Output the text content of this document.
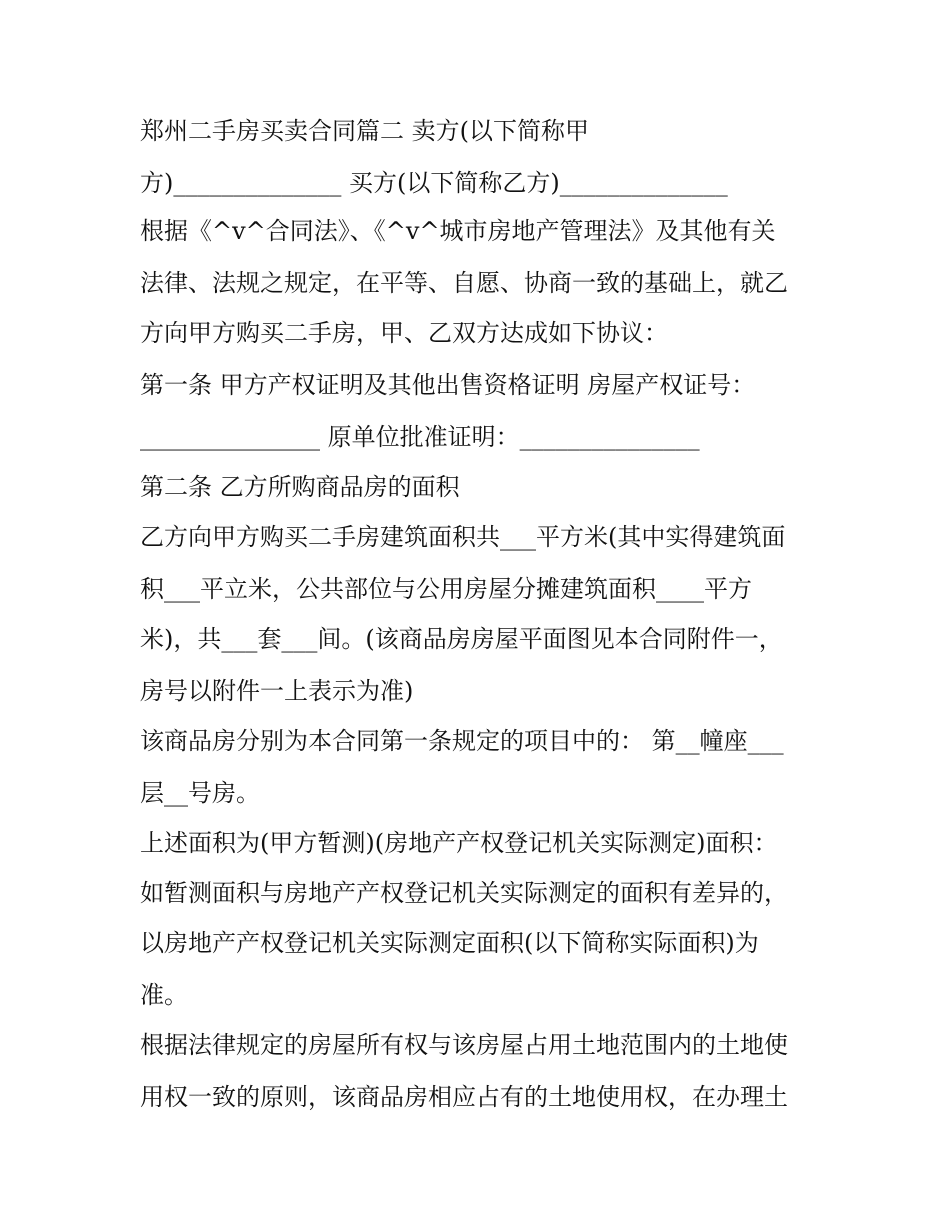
郑州二手房买卖合同篇二 卖方(以下简称甲
方)______________ 买方(以下简称乙方)______________
根据《^v^合同法》、《^v^城市房地产管理法》及其他有关
法律、法规之规定，在平等、自愿、协商一致的基础上，就乙
方向甲方购买二手房，甲、乙双方达成如下协议：
第一条 甲方产权证明及其他出售资格证明 房屋产权证号：
_______________ 原单位批准证明：_______________
第二条 乙方所购商品房的面积
乙方向甲方购买二手房建筑面积共___平方米(其中实得建筑面
积___平立米，公共部位与公用房屋分摊建筑面积____平方
米)，共___套___间。(该商品房房屋平面图见本合同附件一，
房号以附件一上表示为准)
该商品房分别为本合同第一条规定的项目中的： 第__幢座___
层__号房。
上述面积为(甲方暂测)(房地产产权登记机关实际测定)面积：
如暂测面积与房地产产权登记机关实际测定的面积有差异的，
以房地产产权登记机关实际测定面积(以下简称实际面积)为
准。
根据法律规定的房屋所有权与该房屋占用土地范围内的土地使
用权一致的原则，该商品房相应占有的土地使用权，在办理土
